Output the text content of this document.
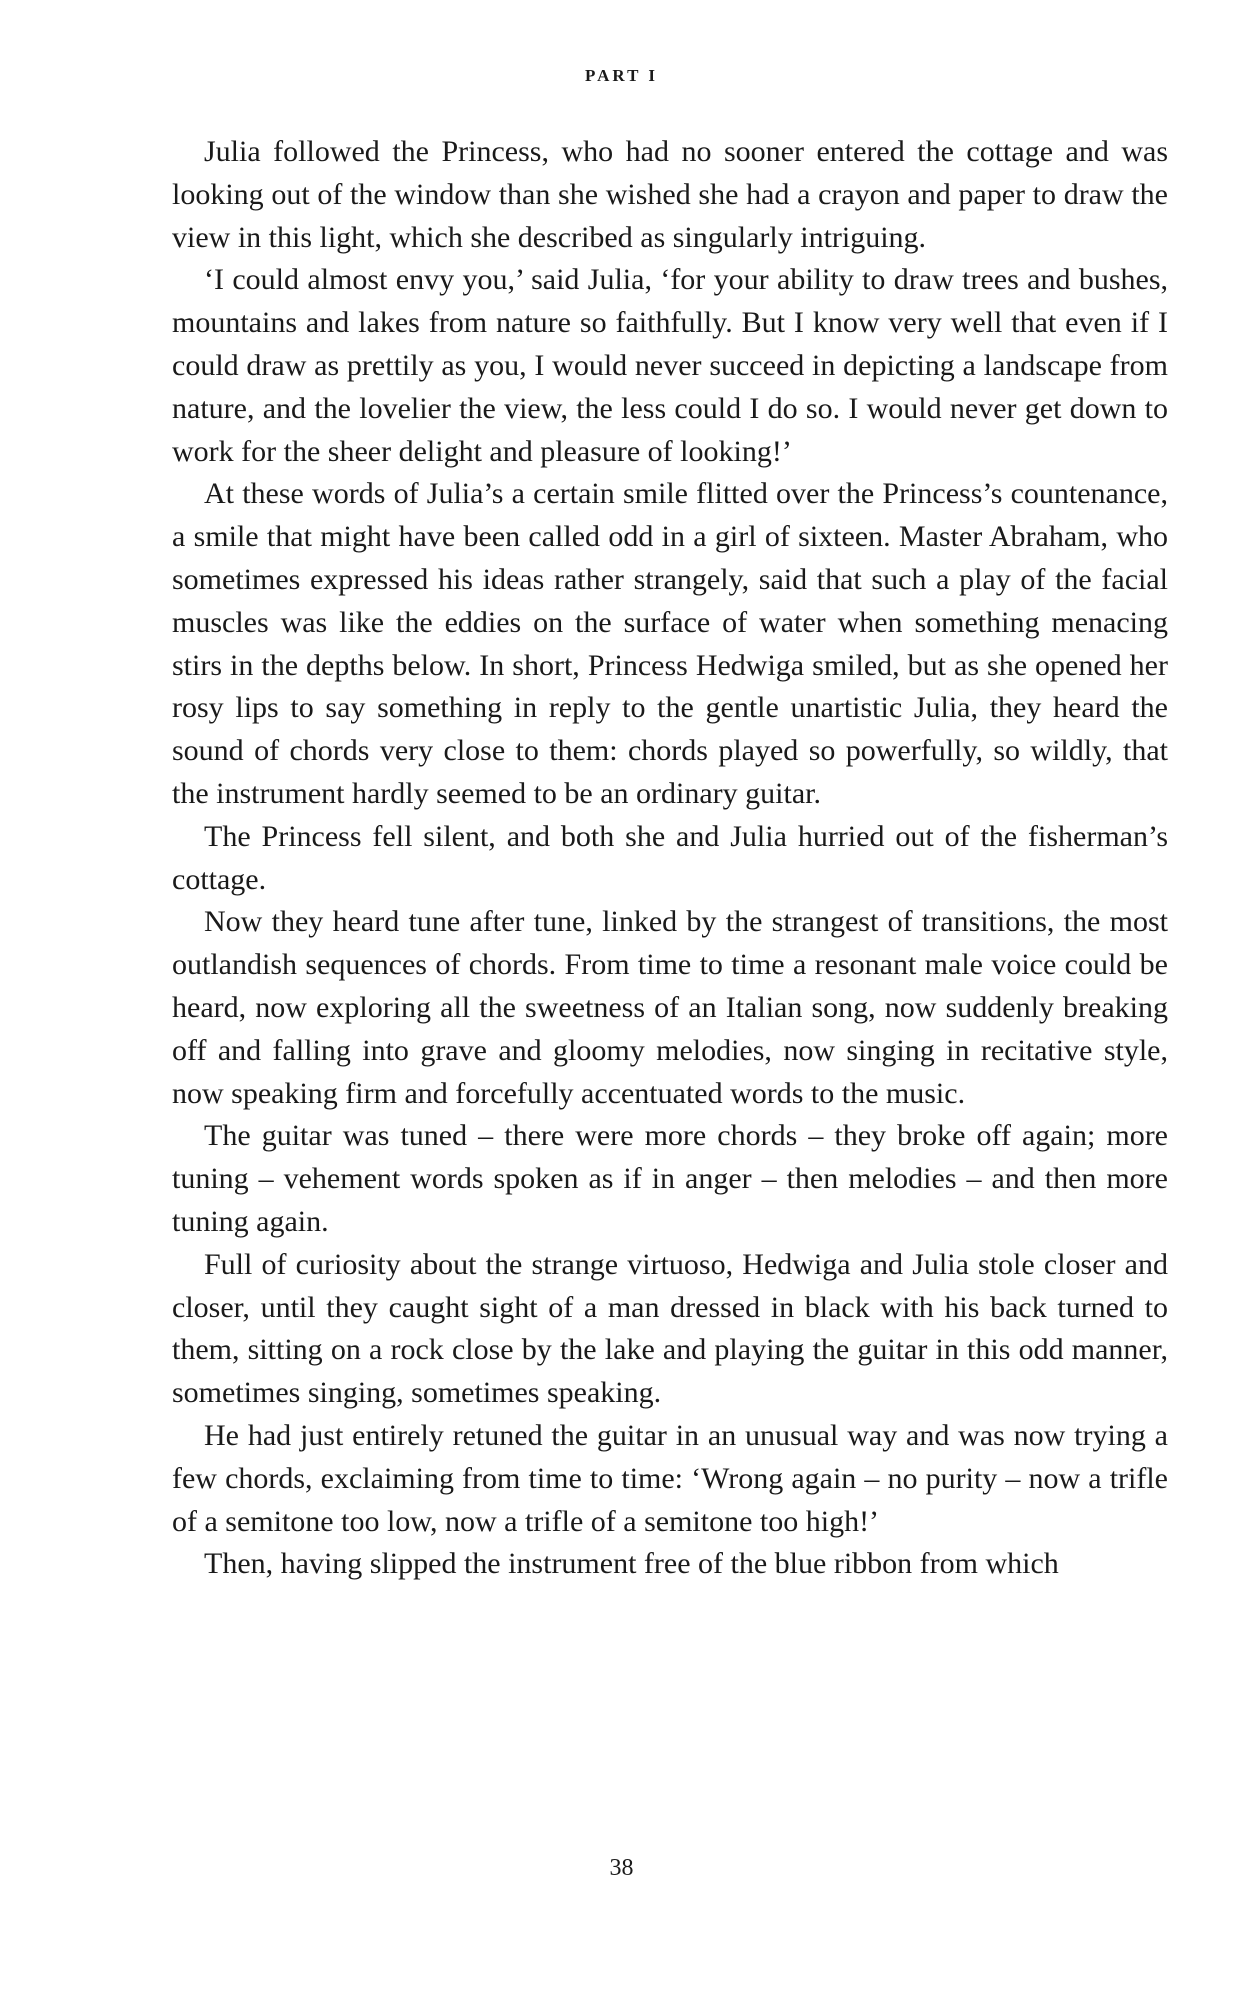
PART I

Julia followed the Princess, who had no sooner entered the cottage and was looking out of the window than she wished she had a crayon and paper to draw the view in this light, which she described as singularly intriguing.

‘I could almost envy you,’ said Julia, ‘for your ability to draw trees and bushes, mountains and lakes from nature so faithfully. But I know very well that even if I could draw as prettily as you, I would never succeed in depicting a landscape from nature, and the lovelier the view, the less could I do so. I would never get down to work for the sheer delight and pleasure of looking!’

At these words of Julia’s a certain smile flitted over the Princess’s countenance, a smile that might have been called odd in a girl of sixteen. Master Abraham, who sometimes expressed his ideas rather strangely, said that such a play of the facial muscles was like the eddies on the surface of water when something menacing stirs in the depths below. In short, Princess Hedwiga smiled, but as she opened her rosy lips to say something in reply to the gentle unartistic Julia, they heard the sound of chords very close to them: chords played so powerfully, so wildly, that the instrument hardly seemed to be an ordinary guitar.

The Princess fell silent, and both she and Julia hurried out of the fisherman’s cottage.

Now they heard tune after tune, linked by the strangest of transitions, the most outlandish sequences of chords. From time to time a resonant male voice could be heard, now exploring all the sweetness of an Italian song, now suddenly breaking off and falling into grave and gloomy melodies, now singing in recitative style, now speaking firm and forcefully accentuated words to the music.

The guitar was tuned – there were more chords – they broke off again; more tuning – vehement words spoken as if in anger – then melodies – and then more tuning again.

Full of curiosity about the strange virtuoso, Hedwiga and Julia stole closer and closer, until they caught sight of a man dressed in black with his back turned to them, sitting on a rock close by the lake and playing the guitar in this odd manner, sometimes singing, sometimes speaking.

He had just entirely retuned the guitar in an unusual way and was now trying a few chords, exclaiming from time to time: ‘Wrong again – no purity – now a trifle of a semitone too low, now a trifle of a semitone too high!’

Then, having slipped the instrument free of the blue ribbon from which

38
